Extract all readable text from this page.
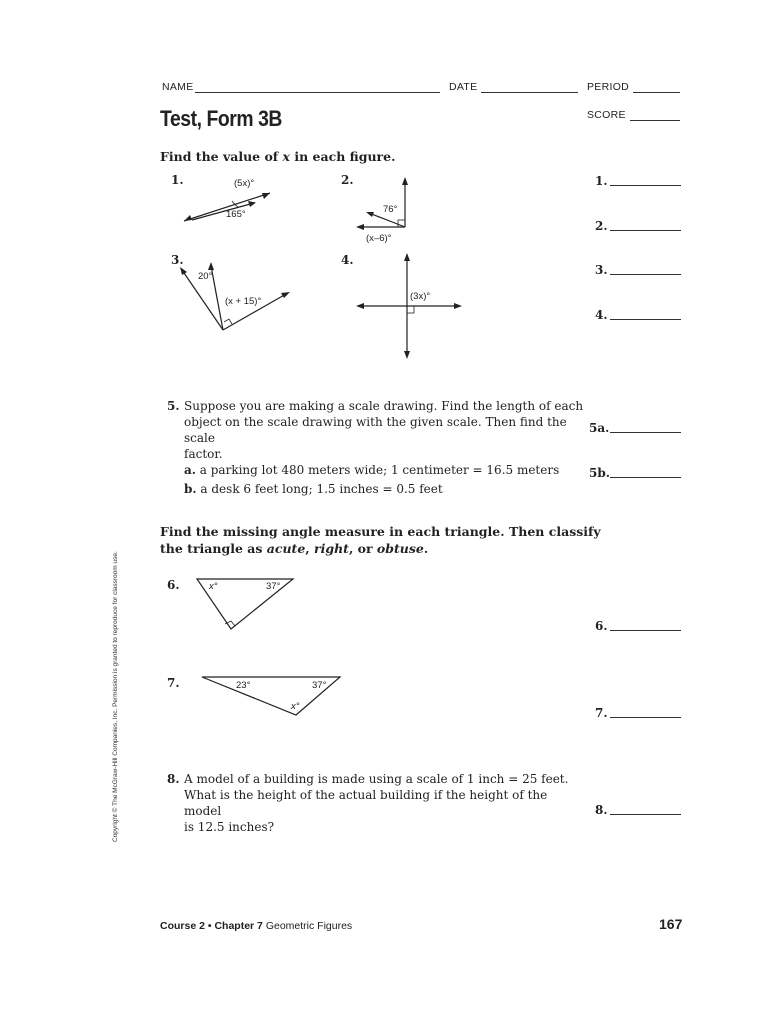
NAME	DATE	PERIOD
Test, Form 3B	SCORE
Find the value of x in each figure.
1.	(5x)°
165°
2.
76°
(x–6)°
3.
20°
(x + 15)°
4.
(3x)°
5. Suppose you are making a scale drawing. Find the length of each
object on the scale drawing with the given scale. Then find the scale
factor.
a. a parking lot 480 meters wide; 1 centimeter = 16.5 meters
b. a desk 6 feet long; 1.5 inches = 0.5 feet
Find the missing angle measure in each triangle. Then classify
the triangle as acute, right, or obtuse.
6.	x°	37°
7.	23°	37°
x°
8. A model of a building is made using a scale of 1 inch = 25 feet.
What is the height of the actual building if the height of the model
is 12.5 inches?
1.
2.
3.
4.
5a.
5b.
6.
7.
8.
Copyright © The McGraw-Hill Companies, Inc. Permission is granted to reproduce for classroom use.
Course 2 • Chapter 7 Geometric Figures	167
